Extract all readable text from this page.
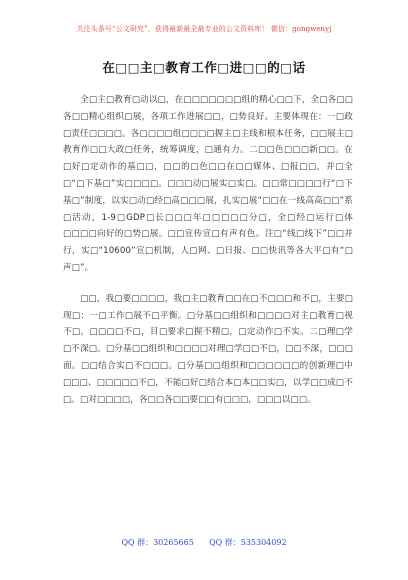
关注头条号“公文研究”，获得最新最全最专业的公文资料库！ 微信：gongwenyj
在□□主□教育工作□进□□的□话

全□主□教育□动以□，在□□□□□□□组的精心□□下，全□各□□各□□精心组织□展，各项工作进展□□，□势良好。主要体现在：一□政□责任□□□□。各□□□□组□□□□握主□主线和根本任务，□□展主□教育作□□大政□任务，统筹调度，□通有力。二□□色□□□新□□。在□好□定动作的基□□，□□的□色□□在□□媒体、□报□□，并□全□“□下基□”实□□□□。□□□动□展实□实□。□□常□□□□行“□下基□”制度，以实□动□经□高□□□展，扎实□展“□□在一线高高□□”系□活动，1-9□GDP□长□□□年□□□□□分□，全□经□运行□体□□□□向好的□势□展。□□宣传宣□有声有色。注□“线□线下”□□并行，实□“10600”宣□机制，人□网、□日报、□□快讯等各大平□有“□声□”。

□□，我□要□□□□，我□主□教育□□在□不□□□和不□，主要□现□：一□工作□展不□平衡。□分基□□组织和□□□□对主□教育□视不□，□□□□不□，目□要求□握不精□，□定动作□不实。二□理□学□不深□。□分基□□组织和□□□□对理□学□□不□，□□不深，□□□面。□□结合实□不□□□。□分基□□组织和□□□□□□的创新理□中□□□、□□□□□不□，不能□好□结合本□本□□实□，以学□□成□不□。□对□□□□，各□□各□□要□□有□□□，□□□以□□。

QQ 群：30265665      QQ 群：535304092
